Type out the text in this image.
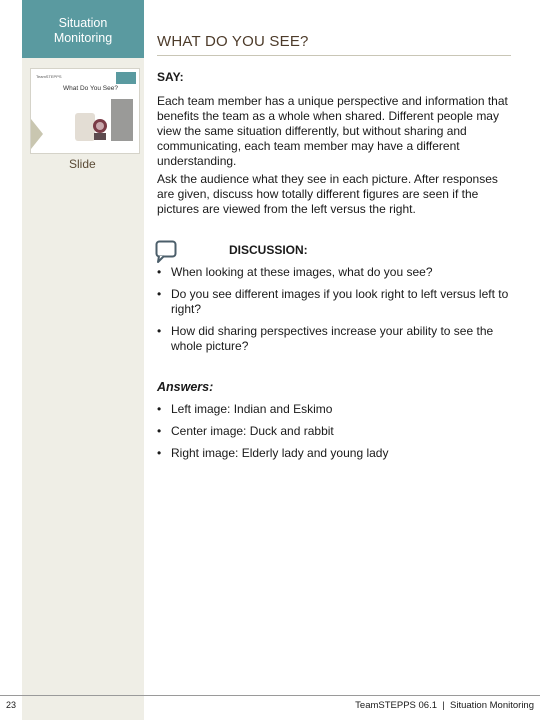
Situation
Monitoring
TeamSTEPPS
What Do You See?
Slide
WHAT DO YOU SEE?
SAY:

Each team member has a unique perspective and information that benefits the team as a whole when shared. Different people may view the same situation differently, but without sharing and communicating, each team member may have a different understanding.

Ask the audience what they see in each picture. After responses are given, discuss how totally different figures are seen if the pictures are viewed from the left versus the right.

DISCUSSION:
• When looking at these images, what do you see?
• Do you see different images if you look right to left versus left to right?
• How did sharing perspectives increase your ability to see the whole picture?
Answers:
• Left image: Indian and Eskimo
• Center image: Duck and rabbit
• Right image: Elderly lady and young lady
23	TeamSTEPPS 06.1  |  Situation Monitoring
